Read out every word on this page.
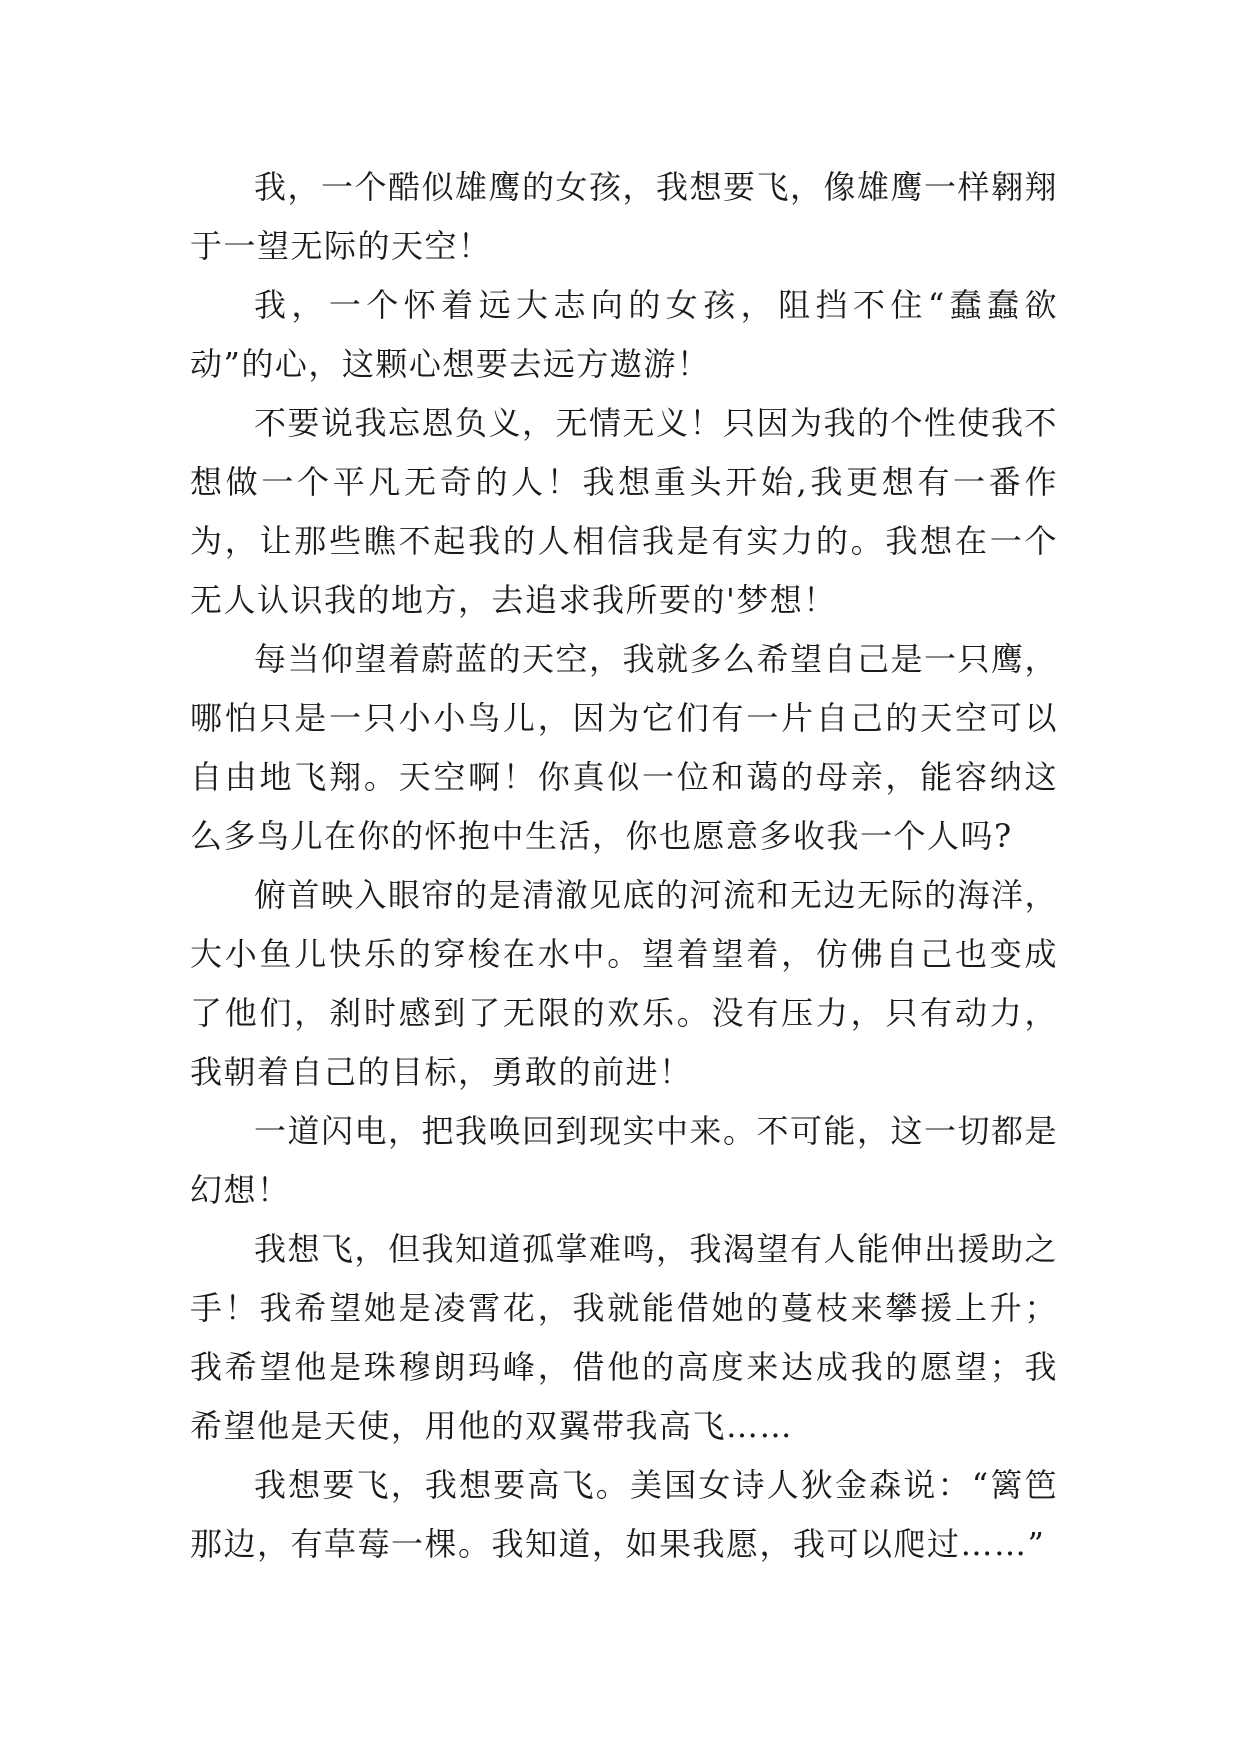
我，一个酷似雄鹰的女孩，我想要飞，像雄鹰一样翱翔于一望无际的天空！

我，一个怀着远大志向的女孩，阻挡不住“蠢蠢欲动”的心，这颗心想要去远方遨游！

不要说我忘恩负义，无情无义！只因为我的个性使我不想做一个平凡无奇的人！我想重头开始,我更想有一番作为，让那些瞧不起我的人相信我是有实力的。我想在一个无人认识我的地方，去追求我所要的'梦想！

每当仰望着蔚蓝的天空，我就多么希望自己是一只鹰，哪怕只是一只小小鸟儿，因为它们有一片自己的天空可以自由地飞翔。天空啊！你真似一位和蔼的母亲，能容纳这么多鸟儿在你的怀抱中生活，你也愿意多收我一个人吗?

俯首映入眼帘的是清澈见底的河流和无边无际的海洋，大小鱼儿快乐的穿梭在水中。望着望着，仿佛自己也变成了他们，刹时感到了无限的欢乐。没有压力，只有动力，我朝着自己的目标，勇敢的前进！

一道闪电，把我唤回到现实中来。不可能，这一切都是幻想！

我想飞，但我知道孤掌难鸣，我渴望有人能伸出援助之手！我希望她是凌霄花，我就能借她的蔓枝来攀援上升；我希望他是珠穆朗玛峰，借他的高度来达成我的愿望；我希望他是天使，用他的双翼带我高飞……

我想要飞，我想要高飞。美国女诗人狄金森说：“篱笆那边，有草莓一棵。我知道，如果我愿，我可以爬过……”
